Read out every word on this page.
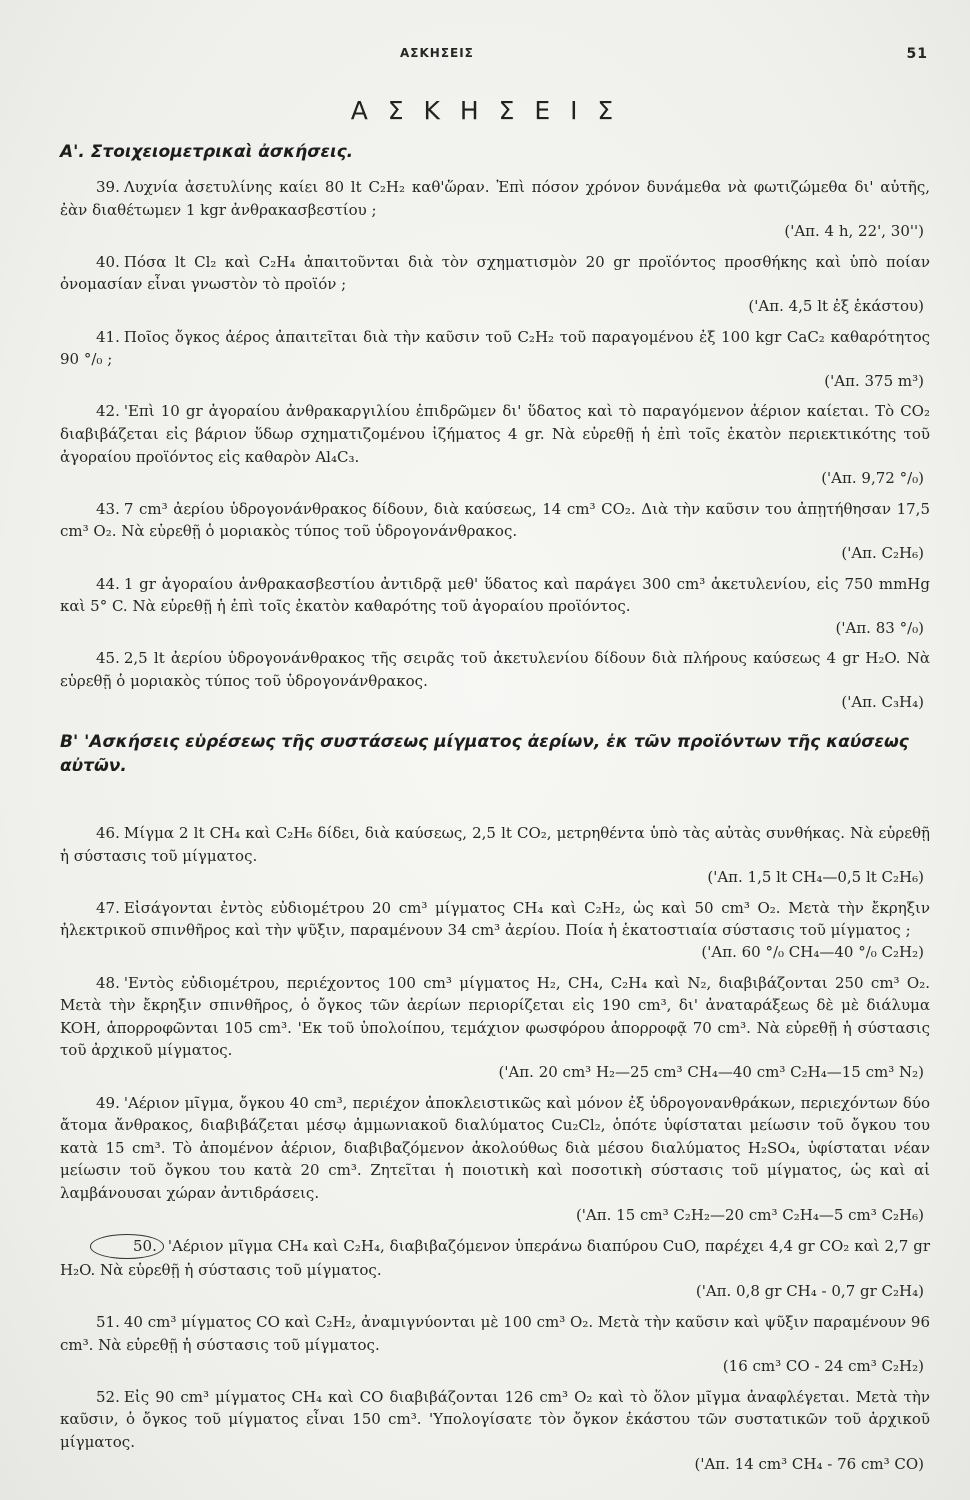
ΑΣΚΗΣΕΙΣ	51
Α Σ Κ Η Σ Ε Ι Σ
Α'. Στοιχειομετρικαὶ ἀσκήσεις.
39. Λυχνία ἀσετυλίνης καίει 80 lt C₂H₂ καθ'ὥραν. Ἐπὶ πόσον χρόνον δυνάμεθα νὰ φωτιζώμεθα δι' αὐτῆς, ἐὰν διαθέτωμεν 1 kgr ἀνθρακασβεστίου ;
('Απ. 4 h, 22', 30'')
40. Πόσα lt Cl₂ καὶ C₂H₄ ἀπαιτοῦνται διὰ τὸν σχηματισμὸν 20 gr προϊόντος προσθήκης καὶ ὑπὸ ποίαν ὀνομασίαν εἶναι γνωστὸν τὸ προϊόν ;
('Απ. 4,5 lt ἐξ ἑκάστου)
41. Ποῖος ὄγκος ἀέρος ἀπαιτεῖται διὰ τὴν καῦσιν τοῦ C₂H₂ τοῦ παραγομένου ἐξ 100 kgr CaC₂ καθαρότητος 90 °/₀ ;
('Απ. 375 m³)
42. 'Επὶ 10 gr ἀγοραίου ἀνθρακαργιλίου ἐπιδρῶμεν δι' ὕδατος καὶ τὸ παραγόμενον ἀέριον καίεται. Τὸ CO₂ διαβιβάζεται εἰς βάριον ὕδωρ σχηματιζομένου ἰζήματος 4 gr. Νὰ εὑρεθῇ ἡ ἐπὶ τοῖς ἑκατὸν περιεκτικότης τοῦ ἀγοραίου προϊόντος εἰς καθαρὸν Al₄C₃.
('Απ. 9,72 °/₀)
43. 7 cm³ ἀερίου ὑδρογονάνθρακος δίδουν, διὰ καύσεως, 14 cm³ CO₂. Διὰ τὴν καῦσιν του ἀπῃτήθησαν 17,5 cm³ O₂. Νὰ εὑρεθῇ ὁ μοριακὸς τύπος τοῦ ὑδρογονάνθρακος.
('Απ. C₂H₆)
44. 1 gr ἀγοραίου ἀνθρακασβεστίου ἀντιδρᾷ μεθ' ὕδατος καὶ παράγει 300 cm³ ἀκετυλενίου, εἰς 750 mmHg καὶ 5° C. Νὰ εὑρεθῇ ἡ ἐπὶ τοῖς ἑκατὸν καθαρότης τοῦ ἀγοραίου προϊόντος.
('Απ. 83 °/₀)
45. 2,5 lt ἀερίου ὑδρογονάνθρακος τῆς σειρᾶς τοῦ ἀκετυλενίου δίδουν διὰ πλήρους καύσεως 4 gr H₂O. Νὰ εὑρεθῇ ὁ μοριακὸς τύπος τοῦ ὑδρογονάνθρακος.
('Απ. C₃H₄)
46. Μίγμα 2 lt CH₄ καὶ C₂H₆ δίδει, διὰ καύσεως, 2,5 lt CO₂, μετρηθέντα ὑπὸ τὰς αὐτὰς συνθήκας. Νὰ εὑρεθῇ ἡ σύστασις τοῦ μίγματος.
('Απ. 1,5 lt CH₄—0,5 lt C₂H₆)
47. Εἰσάγονται ἐντὸς εὐδιομέτρου 20 cm³ μίγματος CH₄ καὶ C₂H₂, ὡς καὶ 50 cm³ O₂. Μετὰ τὴν ἔκρηξιν ἠλεκτρικοῦ σπινθῆρος καὶ τὴν ψῦξιν, παραμένουν 34 cm³ ἀερίου. Ποία ἡ ἑκατοστιαία σύστασις τοῦ μίγματος ;
('Απ. 60 °/₀ CH₄—40 °/₀ C₂H₂)
48. 'Εντὸς εὐδιομέτρου, περιέχοντος 100 cm³ μίγματος H₂, CH₄, C₂H₄ καὶ N₂, διαβιβάζονται 250 cm³ O₂. Μετὰ τὴν ἔκρηξιν σπινθῆρος, ὁ ὄγκος τῶν ἀερίων περιορίζεται εἰς 190 cm³, δι' ἀναταράξεως δὲ μὲ διάλυμα KOH, ἀπορροφῶνται 105 cm³. 'Εκ τοῦ ὑπολοίπου, τεμάχιον φωσφόρου ἀπορροφᾷ 70 cm³. Νὰ εὑρεθῇ ἡ σύστασις τοῦ ἀρχικοῦ μίγματος.
('Απ. 20 cm³ H₂—25 cm³ CH₄—40 cm³ C₂H₄—15 cm³ N₂)
49. 'Αέριον μῖγμα, ὄγκου 40 cm³, περιέχον ἀποκλειστικῶς καὶ μόνον ἐξ ὑδρογονανθράκων, περιεχόντων δύο ἄτομα ἄνθρακος, διαβιβάζεται μέσῳ ἀμμωνιακοῦ διαλύματος Cu₂Cl₂, ὁπότε ὑφίσταται μείωσιν τοῦ ὄγκου του κατὰ 15 cm³. Τὸ ἀπομένον ἀέριον, διαβιβαζόμενον ἀκολούθως διὰ μέσου διαλύματος H₂SO₄, ὑφίσταται νέαν μείωσιν τοῦ ὄγκου του κατὰ 20 cm³. Ζητεῖται ἡ ποιοτικὴ καὶ ποσοτικὴ σύστασις τοῦ μίγματος, ὡς καὶ αἱ λαμβάνουσαι χώραν ἀντιδράσεις.
('Απ. 15 cm³ C₂H₂—20 cm³ C₂H₄—5 cm³ C₂H₆)
50. 'Αέριον μῖγμα CH₄ καὶ C₂H₄, διαβιβαζόμενον ὑπεράνω διαπύρου CuO, παρέχει 4,4 gr CO₂ καὶ 2,7 gr H₂O. Νὰ εὑρεθῇ ἡ σύστασις τοῦ μίγματος.
('Απ. 0,8 gr CH₄ - 0,7 gr C₂H₄)
51. 40 cm³ μίγματος CO καὶ C₂H₂, ἀναμιγνύονται μὲ 100 cm³ O₂. Μετὰ τὴν καῦσιν καὶ ψῦξιν παραμένουν 96 cm³. Νὰ εὑρεθῇ ἡ σύστασις τοῦ μίγματος.
(16 cm³ CO - 24 cm³ C₂H₂)
52. Εἰς 90 cm³ μίγματος CH₄ καὶ CO διαβιβάζονται 126 cm³ O₂ καὶ τὸ ὅλον μῖγμα ἀναφλέγεται. Μετὰ τὴν καῦσιν, ὁ ὄγκος τοῦ μίγματος εἶναι 150 cm³. 'Υπολογίσατε τὸν ὄγκον ἑκάστου τῶν συστατικῶν τοῦ ἀρχικοῦ μίγματος.
('Απ. 14 cm³ CH₄ - 76 cm³ CO)
Β' 'Ασκήσεις εὑρέσεως τῆς συστάσεως μίγματος ἀερίων, ἐκ τῶν προϊόντων τῆς καύσεως αὐτῶν.
